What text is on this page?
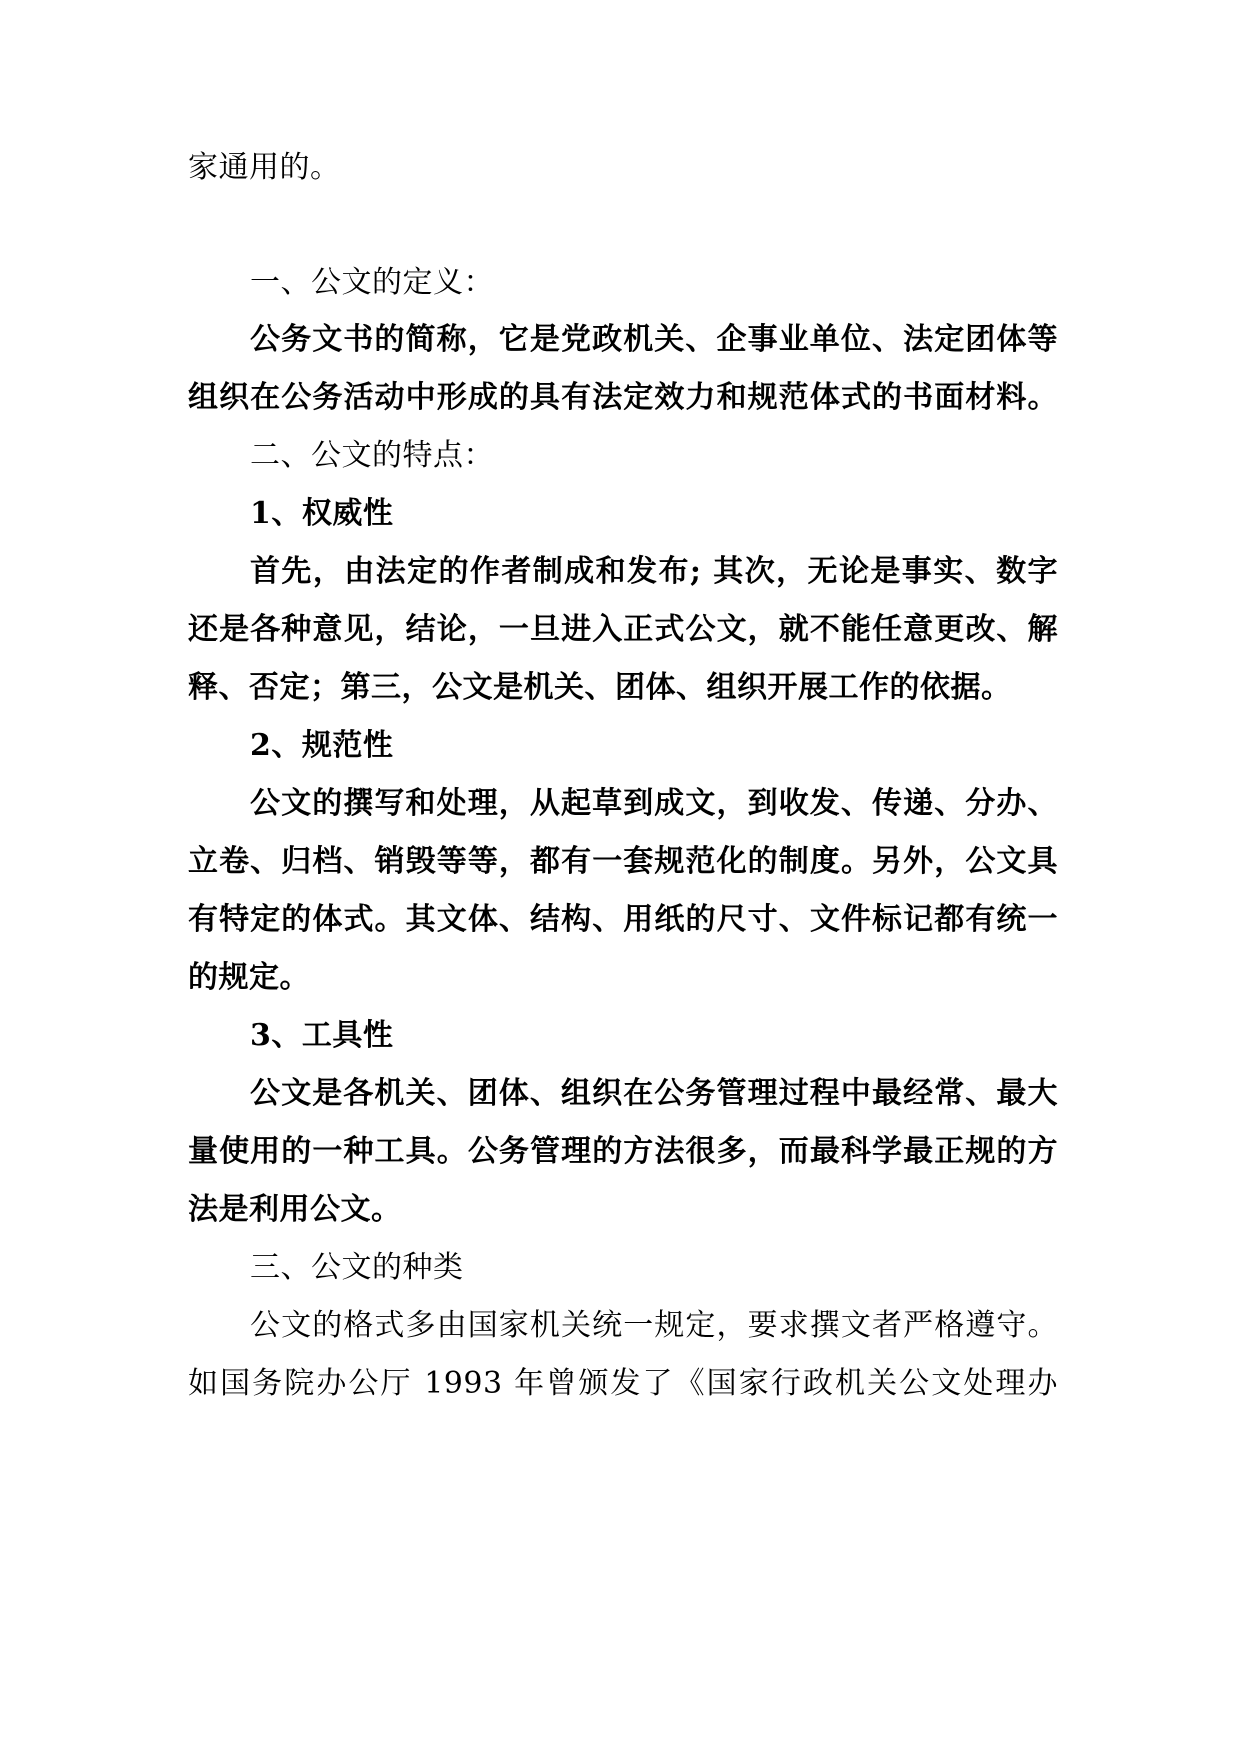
家通用的。
一、公文的定义：
公务文书的简称，它是党政机关、企事业单位、法定团体等
组织在公务活动中形成的具有法定效力和规范体式的书面材料。
二、公文的特点：
1、权威性
首先，由法定的作者制成和发布; 其次，无论是事实、数字
还是各种意见，结论，一旦进入正式公文，就不能任意更改、解
释、否定；第三，公文是机关、团体、组织开展工作的依据。
2、规范性
公文的撰写和处理，从起草到成文，到收发、传递、分办、
立卷、归档、销毁等等，都有一套规范化的制度。另外，公文具
有特定的体式。其文体、结构、用纸的尺寸、文件标记都有统一
的规定。
3、工具性
公文是各机关、团体、组织在公务管理过程中最经常、最大
量使用的一种工具。公务管理的方法很多，而最科学最正规的方
法是利用公文。
三、公文的种类
公文的格式多由国家机关统一规定，要求撰文者严格遵守。
如国务院办公厅 1993 年曾颁发了《国家行政机关公文处理办
